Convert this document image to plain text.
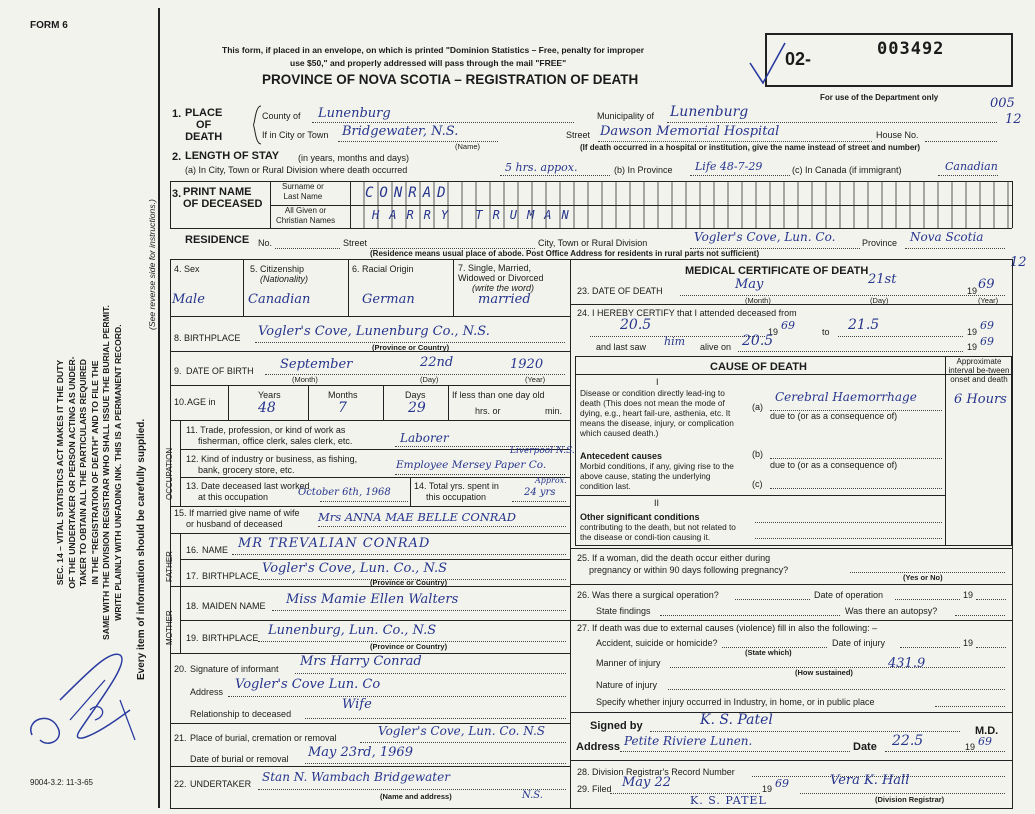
FORM 6
SEC. 14 – VITAL STATISTICS ACT MAKES IT THE DUTY OF THE UNDERTAKER OR PERSON ACTING AS UNDER- TAKER TO OBTAIN ALL THE PARTICULARS REQUIRED IN THE "REGISTRATION OF DEATH" AND TO FILE THE SAME WITH THE DIVISION REGISTRAR WHO SHALL ISSUE THE BURIAL PERMIT. WRITE PLAINLY WITH UNFADING INK. THIS IS A PERMANENT RECORD. Every item of information should be carefully supplied.
(See reverse side for instructions.)
9004-3.2: 11-3-65
This form, if placed in an envelope, on which is printed "Dominion Statistics – Free, penalty for improper
use $50," and properly addressed will pass through the mail "FREE"
PROVINCE OF NOVA SCOTIA – REGISTRATION OF DEATH
02-	003492
For use of the Department only	005
12
1. PLACE
OF
DEATH
County of Lunenburg	Municipality of Lunenburg
If in City or Town Bridgewater, N.S.
(Name)
Street Dawson Memorial Hospital	House No.
(If death occurred in a hospital or institution, give the name instead of street and number)
2. LENGTH OF STAY (in years, months and days)
(a) In City, Town or Rural Division where death occurred	5 hrs. appox.	(b) In Province Life 48-7-29	(c) In Canada (if immigrant)	Canadian
3. PRINT NAME
OF DECEASED
Surname or
Last Name
All Given or
Christian Names
CONRAD
HARRY TRUMAN
RESIDENCE No.	Street	City, Town or Rural Division	Vogler's Cove, Lun. Co.	Province Nova Scotia
(Residence means usual place of abode. Post Office Address for residents in rural parts not sufficient)
12
4. Sex
Male
5. Citizenship
(Nationality)
Canadian
6. Racial Origin
German
7. Single, Married,
Widowed or Divorced
(write the word)
married
8. BIRTHPLACE Vogler's Cove, Lunenburg Co., N.S.
(Province or Country)
9. DATE OF BIRTH September	22nd	1920
(Month)	(Day)	(Year)
10. AGE in
Years	Months	Days
48	7	29
If less than one day old
hrs. or	min.
OCCUPATION
11. Trade, profession, or kind of work as
fisherman, office clerk, sales clerk, etc.	Laborer
12. Kind of industry or business, as fishing,
bank, grocery store, etc.	Employee Mersey Paper Co.
Liverpool N.S.
13. Date deceased last worked
at this occupation	October 6th, 1968
14. Total yrs. spent in
this occupation	24 yrs
Approx.
15. If married give name of wife
or husband of deceased	Mrs ANNA MAE BELLE CONRAD
FATHER
16. NAME MR TREVALIAN CONRAD
17. BIRTHPLACE Vogler's Cove, Lun. Co., N.S
(Province or Country)
MOTHER
18. MAIDEN NAME Miss Mamie Ellen Walters
19. BIRTHPLACE Lunenburg, Lun. Co., N.S
(Province or Country)
20. Signature of informant Mrs Harry Conrad
Address Vogler's Cove Lun. Co
Relationship to deceased
Wife
21. Place of burial, cremation or removal	Vogler's Cove, Lun. Co. N.S
Date of burial or removal May 23rd, 1969
22. UNDERTAKER Stan N. Wambach Bridgewater
N.S.
(Name and address)
MEDICAL CERTIFICATE OF DEATH
23. DATE OF DEATH	May	21st
19 69
(Month)	(Day)	(Year)
24. I HEREBY CERTIFY that I attended deceased from
20.5	19 69	to 21.5	19 69
and last saw him alive on 20.5	19 69
CAUSE OF DEATH	Approximate interval be-tween onset and death
I
Disease or condition directly lead-ing to death (This does not mean the mode of dying, e.g., heart fail-ure, asthenia, etc. It means the disease, injury, or complication which caused death.)
(a)
Cerebral Haemorrhage	6 Hours
due to (or as a consequence of)
Antecedent causes
Morbid conditions, if any, giving rise to the above cause, stating the underlying condition last.
(b)
due to (or as a consequence of)
(c)
II
Other significant conditions
contributing to the death, but not related to the disease or condi-tion causing it.
25. If a woman, did the death occur either during
pregnancy or within 90 days following pregnancy?
(Yes or No)
26. Was there a surgical operation?	Date of operation	19
State findings	Was there an autopsy?
27. If death was due to external causes (violence) fill in also the following: –
Accident, suicide or homicide?
(State which)
Date of injury	19
Manner of injury	431.9
(How sustained)
Nature of injury
Specify whether injury occurred in Industry, in home, or in public place
Signed by	K. S. Patel
M.D.
Address Petite Riviere Lunen.	Date 22.5	19 69
28. Division Registrar's Record Number
29. Filed May 22	19 69	Vera K. Hall
(Division Registrar)
K. S. PATEL
